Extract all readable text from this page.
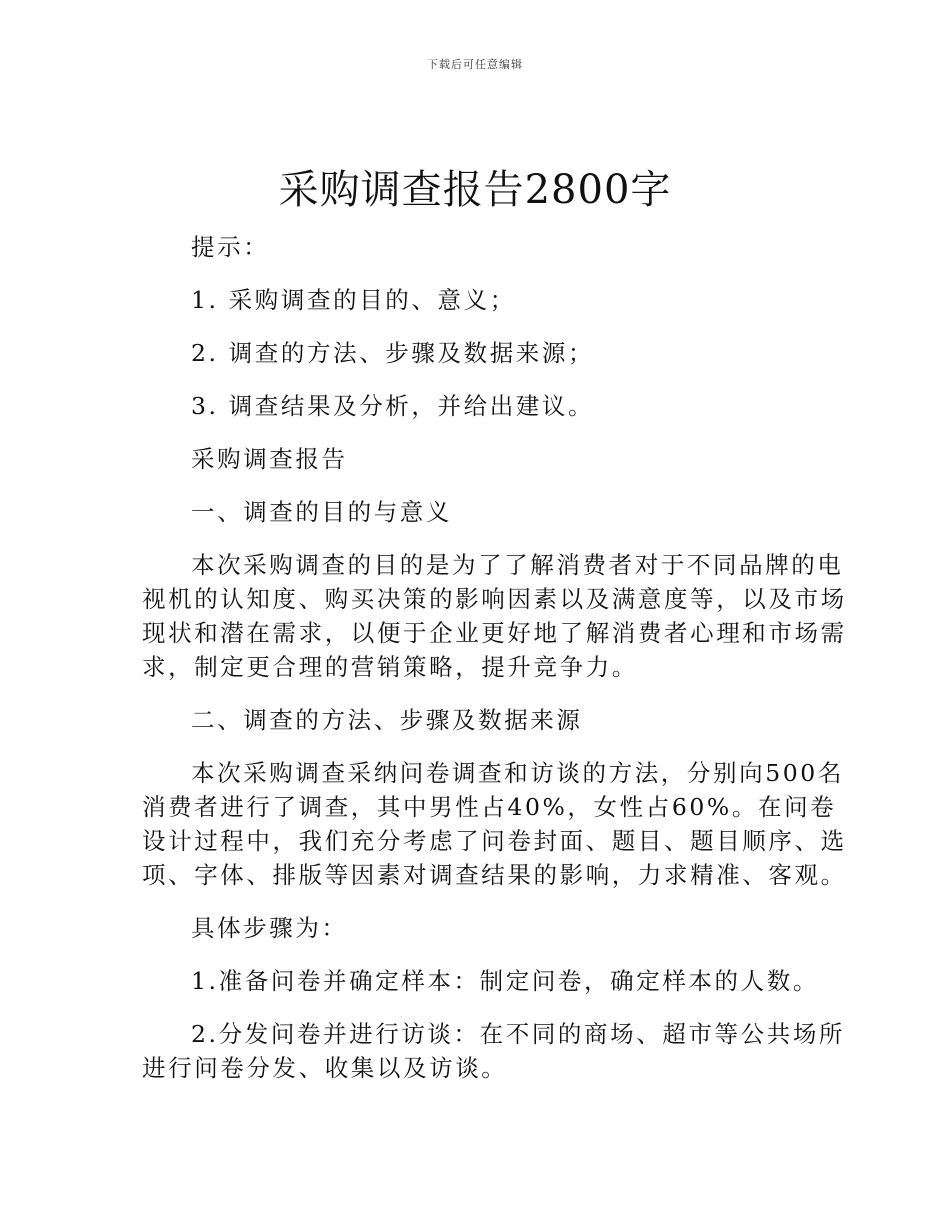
下载后可任意编辑
采购调查报告2800字
提示：
1. 采购调查的目的、意义；
2. 调查的方法、步骤及数据来源；
3. 调查结果及分析，并给出建议。
采购调查报告
一、调查的目的与意义
本次采购调查的目的是为了了解消费者对于不同品牌的电
视机的认知度、购买决策的影响因素以及满意度等，以及市场
现状和潜在需求，以便于企业更好地了解消费者心理和市场需
求，制定更合理的营销策略，提升竞争力。
二、调查的方法、步骤及数据来源
本次采购调查采纳问卷调查和访谈的方法，分别向500名
消费者进行了调查，其中男性占40%，女性占60%。在问卷
设计过程中，我们充分考虑了问卷封面、题目、题目顺序、选
项、字体、排版等因素对调查结果的影响，力求精准、客观。
具体步骤为：
1.准备问卷并确定样本：制定问卷，确定样本的人数。
2.分发问卷并进行访谈：在不同的商场、超市等公共场所
进行问卷分发、收集以及访谈。
